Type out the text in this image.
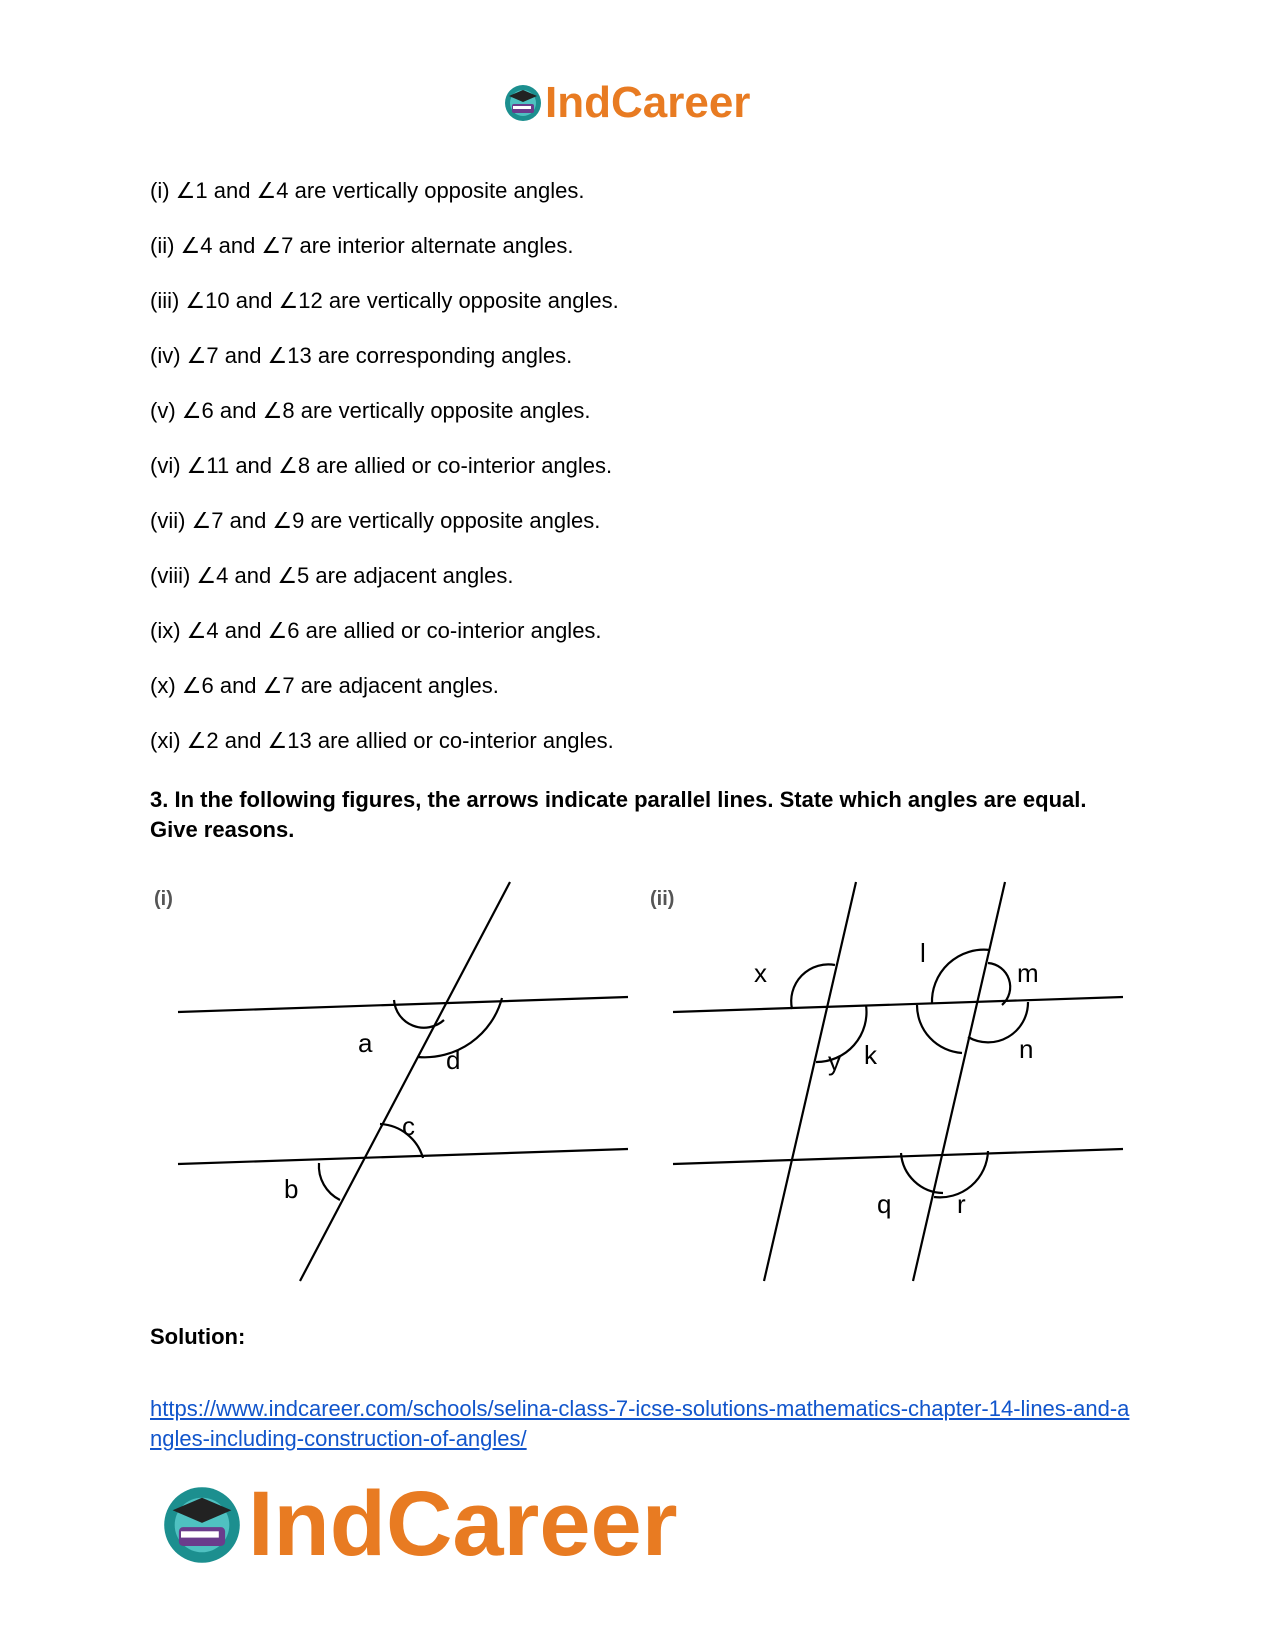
IndCareer
(i) ∠1 and ∠4 are vertically opposite angles.
(ii) ∠4 and ∠7 are interior alternate angles.
(iii) ∠10 and ∠12 are vertically opposite angles.
(iv) ∠7 and ∠13 are corresponding angles.
(v) ∠6 and ∠8 are vertically opposite angles.
(vi) ∠11 and ∠8 are allied or co-interior angles.
(vii) ∠7 and ∠9 are vertically opposite angles.
(viii) ∠4 and ∠5 are adjacent angles.
(ix) ∠4 and ∠6 are allied or co-interior angles.
(x) ∠6 and ∠7 are adjacent angles.
(xi) ∠2 and ∠13 are allied or co-interior angles.
3. In the following figures, the arrows indicate parallel lines. State which angles are equal. Give reasons.
(i)
a
d
c
b
(ii)
x
y
l
m
k	n
q	r
Solution:
https://www.indcareer.com/schools/selina-class-7-icse-solutions-mathematics-chapter-14-lines-and-angles-including-construction-of-angles/
IndCareer
